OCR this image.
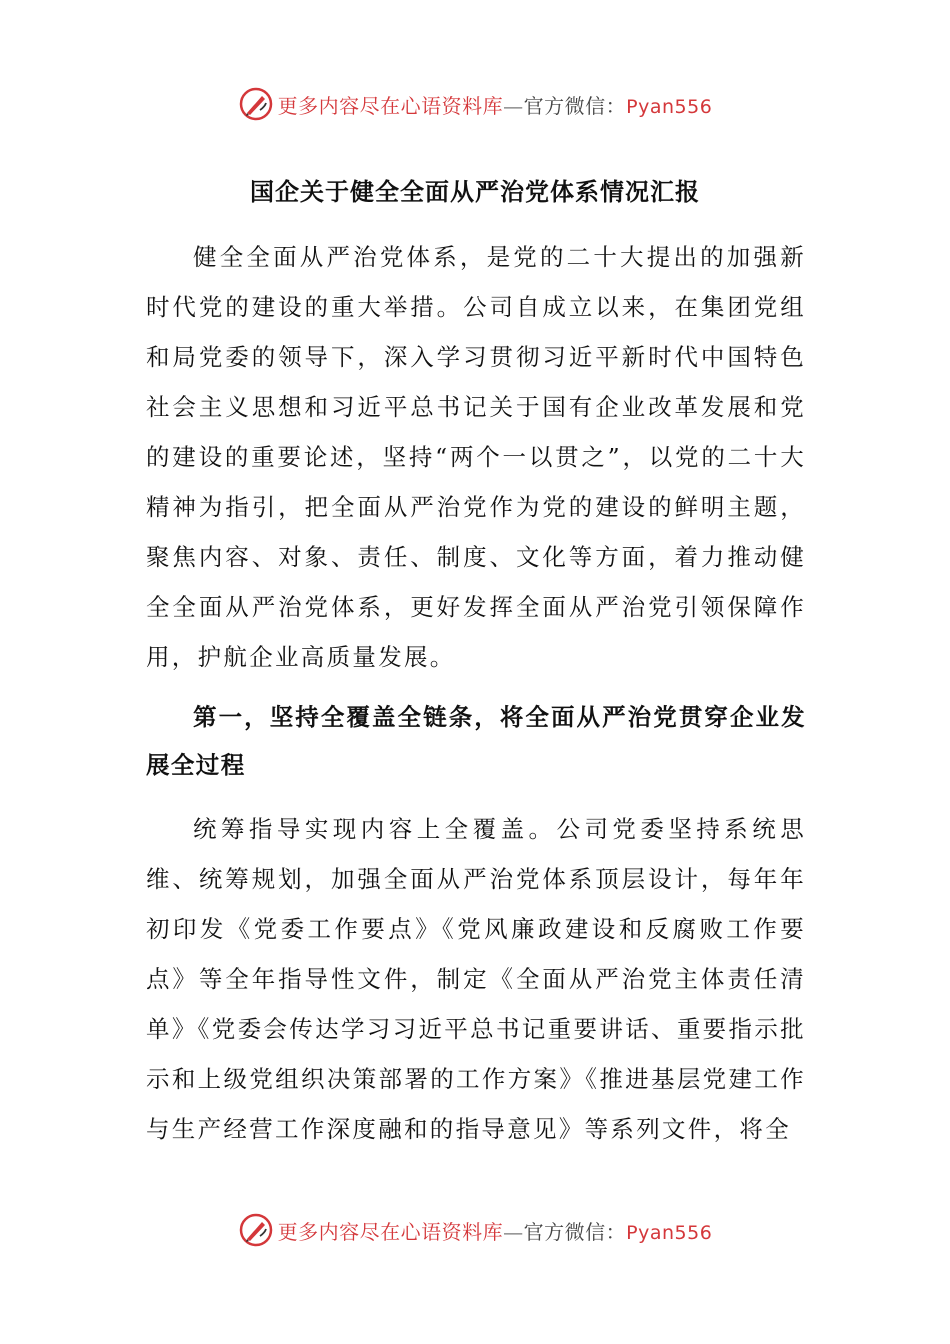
更多内容尽在心语资料库—官方微信：Pyan556
国企关于健全全面从严治党体系情况汇报

健全全面从严治党体系，是党的二十大提出的加强新时代党的建设的重大举措。公司自成立以来，在集团党组和局党委的领导下，深入学习贯彻习近平新时代中国特色社会主义思想和习近平总书记关于国有企业改革发展和党的建设的重要论述，坚持“两个一以贯之”，以党的二十大精神为指引，把全面从严治党作为党的建设的鲜明主题，聚焦内容、对象、责任、制度、文化等方面，着力推动健全全面从严治党体系，更好发挥全面从严治党引领保障作用，护航企业高质量发展。

第一，坚持全覆盖全链条，将全面从严治党贯穿企业发展全过程

统筹指导实现内容上全覆盖。公司党委坚持系统思维、统筹规划，加强全面从严治党体系顶层设计，每年年初印发《党委工作要点》《党风廉政建设和反腐败工作要点》等全年指导性文件，制定《全面从严治党主体责任清单》《党委会传达学习习近平总书记重要讲话、重要指示批示和上级党组织决策部署的工作方案》《推进基层党建工作与生产经营工作深度融和的指导意见》等系列文件，将全

更多内容尽在心语资料库—官方微信：Pyan556
